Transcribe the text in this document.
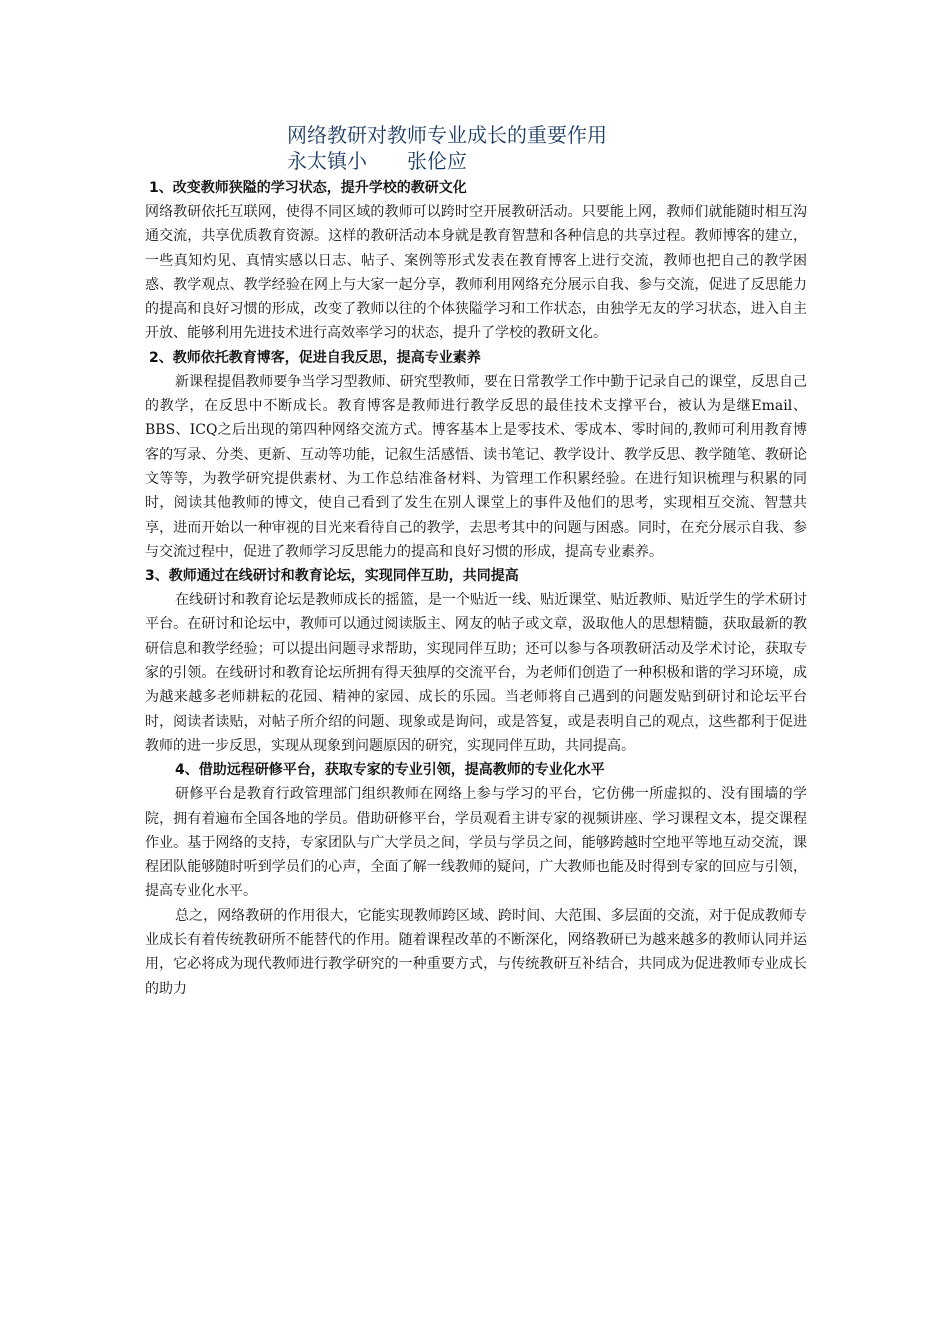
网络教研对教师专业成长的重要作用
永太镇小 张伦应
1、改变教师狭隘的学习状态，提升学校的教研文化

网络教研依托互联网，使得不同区域的教师可以跨时空开展教研活动。只要能上网，教师们就能随时相互沟通交流，共享优质教育资源。这样的教研活动本身就是教育智慧和各种信息的共享过程。教师博客的建立，一些真知灼见、真情实感以日志、帖子、案例等形式发表在教育博客上进行交流，教师也把自己的教学困惑、教学观点、教学经验在网上与大家一起分享，教师利用网络充分展示自我、参与交流，促进了反思能力的提高和良好习惯的形成，改变了教师以往的个体狭隘学习和工作状态，由独学无友的学习状态，进入自主开放、能够利用先进技术进行高效率学习的状态，提升了学校的教研文化。

2、教师依托教育博客，促进自我反思，提高专业素养

新课程提倡教师要争当学习型教师、研究型教师，要在日常教学工作中勤于记录自己的课堂，反思自己的教学，在反思中不断成长。教育博客是教师进行教学反思的最佳技术支撑平台，被认为是继Email、BBS、ICQ之后出现的第四种网络交流方式。博客基本上是零技术、零成本、零时间的,教师可利用教育博客的写录、分类、更新、互动等功能，记叙生活感悟、读书笔记、教学设计、教学反思、教学随笔、教研论文等等，为教学研究提供素材、为工作总结准备材料、为管理工作积累经验。在进行知识梳理与积累的同时，阅读其他教师的博文，使自己看到了发生在别人课堂上的事件及他们的思考，实现相互交流、智慧共享，进而开始以一种审视的目光来看待自己的教学，去思考其中的问题与困惑。同时，在充分展示自我、参与交流过程中，促进了教师学习反思能力的提高和良好习惯的形成，提高专业素养。

3、教师通过在线研讨和教育论坛，实现同伴互助，共同提高

在线研讨和教育论坛是教师成长的摇篮，是一个贴近一线、贴近课堂、贴近教师、贴近学生的学术研讨平台。在研讨和论坛中，教师可以通过阅读版主、网友的帖子或文章，汲取他人的思想精髓，获取最新的教研信息和教学经验；可以提出问题寻求帮助，实现同伴互助；还可以参与各项教研活动及学术讨论，获取专家的引领。在线研讨和教育论坛所拥有得天独厚的交流平台，为老师们创造了一种积极和谐的学习环境，成为越来越多老师耕耘的花园、精神的家园、成长的乐园。当老师将自己遇到的问题发贴到研讨和论坛平台时，阅读者读贴，对帖子所介绍的问题、现象或是询问，或是答复，或是表明自己的观点，这些都利于促进教师的进一步反思，实现从现象到问题原因的研究，实现同伴互助，共同提高。

4、借助远程研修平台，获取专家的专业引领，提高教师的专业化水平

研修平台是教育行政管理部门组织教师在网络上参与学习的平台，它仿佛一所虚拟的、没有围墙的学院，拥有着遍布全国各地的学员。借助研修平台，学员观看主讲专家的视频讲座、学习课程文本，提交课程作业。基于网络的支持，专家团队与广大学员之间，学员与学员之间，能够跨越时空地平等地互动交流，课程团队能够随时听到学员们的心声，全面了解一线教师的疑问，广大教师也能及时得到专家的回应与引领，提高专业化水平。

总之，网络教研的作用很大，它能实现教师跨区域、跨时间、大范围、多层面的交流，对于促成教师专业成长有着传统教研所不能替代的作用。随着课程改革的不断深化，网络教研已为越来越多的教师认同并运用，它必将成为现代教师进行教学研究的一种重要方式，与传统教研互补结合，共同成为促进教师专业成长的助力
